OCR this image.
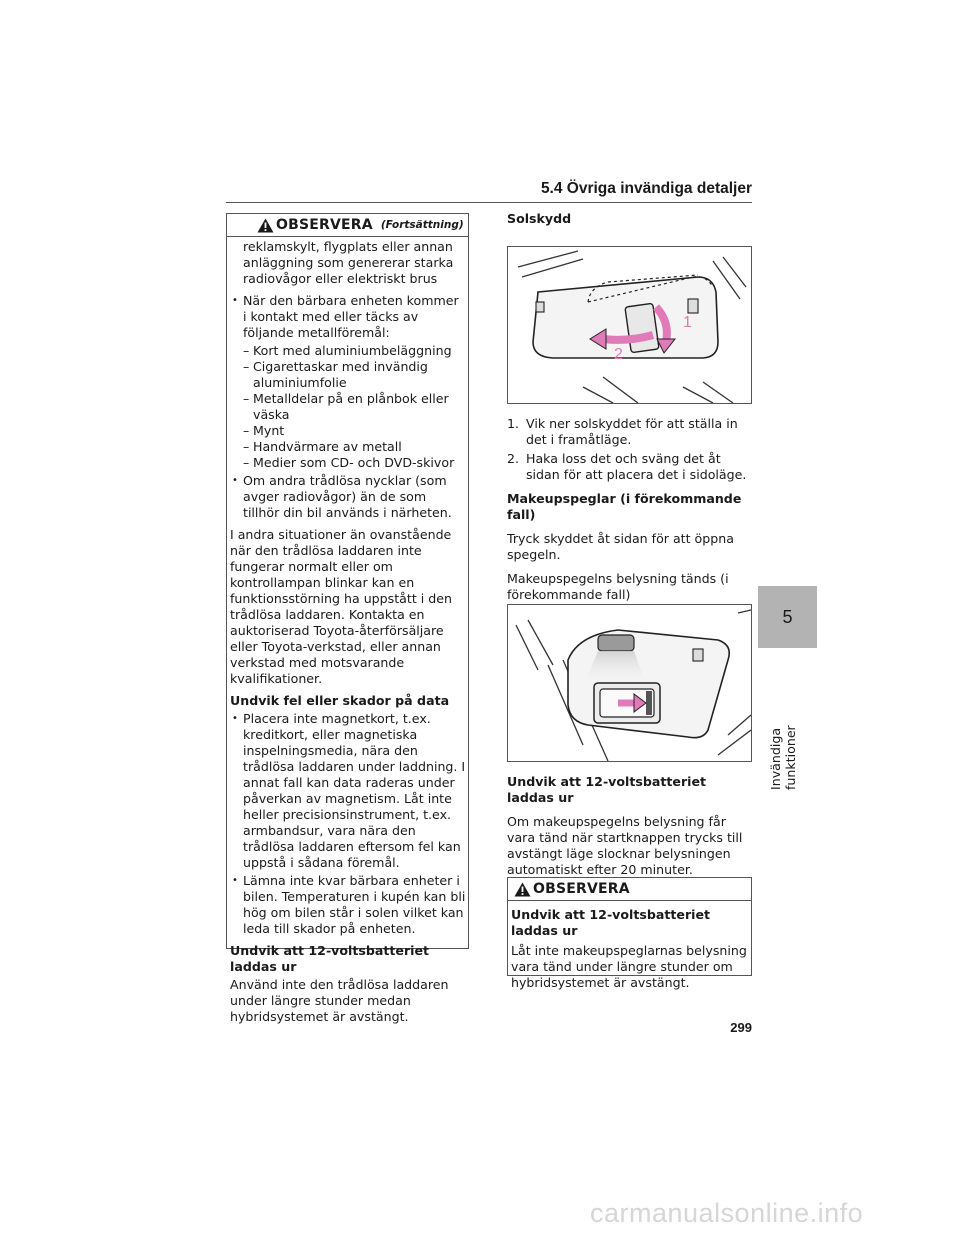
5.4 Övriga invändiga detaljer
OBSERVERA (Fortsättning)

reklamskylt, flygplats eller annan anläggning som genererar starka radiovågor eller elektriskt brus

• När den bärbara enheten kommer i kontakt med eller täcks av följande metallföremål:
– Kort med aluminiumbeläggning
– Cigarettaskar med invändig aluminiumfolie
– Metalldelar på en plånbok eller väska
– Mynt
– Handvärmare av metall
– Medier som CD- och DVD-skivor
• Om andra trådlösa nycklar (som avger radiovågor) än de som tillhör din bil används i närheten.

I andra situationer än ovanstående när den trådlösa laddaren inte fungerar normalt eller om kontrollampan blinkar kan en funktionsstörning ha uppstått i den trådlösa laddaren. Kontakta en auktoriserad Toyota-återförsäljare eller Toyota-verkstad, eller annan verkstad med motsvarande kvalifikationer.

Undvik fel eller skador på data
• Placera inte magnetkort, t.ex. kreditkort, eller magnetiska inspelningsmedia, nära den trådlösa laddaren under laddning. I annat fall kan data raderas under påverkan av magnetism. Låt inte heller precisionsinstrument, t.ex. armbandsur, vara nära den trådlösa laddaren eftersom fel kan uppstå i sådana föremål.
• Lämna inte kvar bärbara enheter i bilen. Temperaturen i kupén kan bli hög om bilen står i solen vilket kan leda till skador på enheten.
Undvik att 12-voltsbatteriet laddas ur

Använd inte den trådlösa laddaren under längre stunder medan hybridsystemet är avstängt.

Solskydd
1
2
1. Vik ner solskyddet för att ställa in det i framåtläge.
2. Haka loss det och sväng det åt sidan för att placera det i sidoläge.
Makeupspeglar (i förekommande fall)

Tryck skyddet åt sidan för att öppna spegeln.

Makeupspegelns belysning tänds (i förekommande fall)

Undvik att 12-voltsbatteriet laddas ur

Om makeupspegelns belysning får vara tänd när startknappen trycks till avstängt läge slocknar belysningen automatiskt efter 20 minuter.

OBSERVERA
Undvik att 12-voltsbatteriet laddas ur

Låt inte makeupspeglarnas belysning vara tänd under längre stunder om hybridsystemet är avstängt.

5
Invändiga funktioner
299
carmanualsonline.info
